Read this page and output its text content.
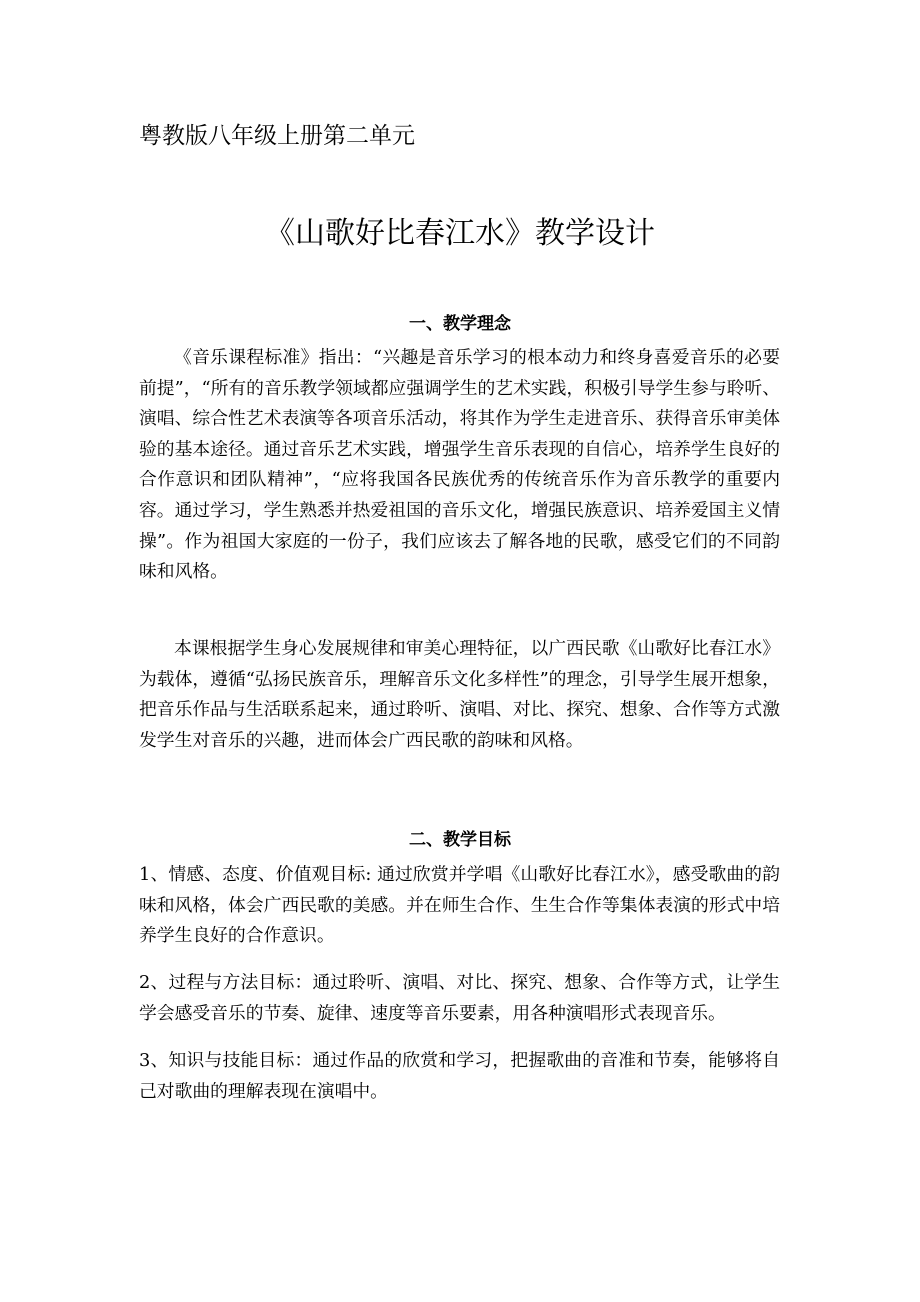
粤教版八年级上册第二单元
《山歌好比春江水》教学设计
一、教学理念

《音乐课程标准》指出：“兴趣是音乐学习的根本动力和终身喜爱音乐的必要前提”，“所有的音乐教学领域都应强调学生的艺术实践，积极引导学生参与聆听、演唱、综合性艺术表演等各项音乐活动，将其作为学生走进音乐、获得音乐审美体验的基本途径。通过音乐艺术实践，增强学生音乐表现的自信心，培养学生良好的合作意识和团队精神”，“应将我国各民族优秀的传统音乐作为音乐教学的重要内容。通过学习，学生熟悉并热爱祖国的音乐文化，增强民族意识、培养爱国主义情操”。作为祖国大家庭的一份子，我们应该去了解各地的民歌，感受它们的不同韵味和风格。

本课根据学生身心发展规律和审美心理特征，以广西民歌《山歌好比春江水》为载体，遵循“弘扬民族音乐，理解音乐文化多样性”的理念，引导学生展开想象，把音乐作品与生活联系起来，通过聆听、演唱、对比、探究、想象、合作等方式激发学生对音乐的兴趣，进而体会广西民歌的韵味和风格。

二、教学目标

1、情感、态度、价值观目标: 通过欣赏并学唱《山歌好比春江水》，感受歌曲的韵味和风格，体会广西民歌的美感。并在师生合作、生生合作等集体表演的形式中培养学生良好的合作意识。

2、过程与方法目标：通过聆听、演唱、对比、探究、想象、合作等方式，让学生学会感受音乐的节奏、旋律、速度等音乐要素，用各种演唱形式表现音乐。

3、知识与技能目标：通过作品的欣赏和学习，把握歌曲的音准和节奏，能够将自己对歌曲的理解表现在演唱中。
